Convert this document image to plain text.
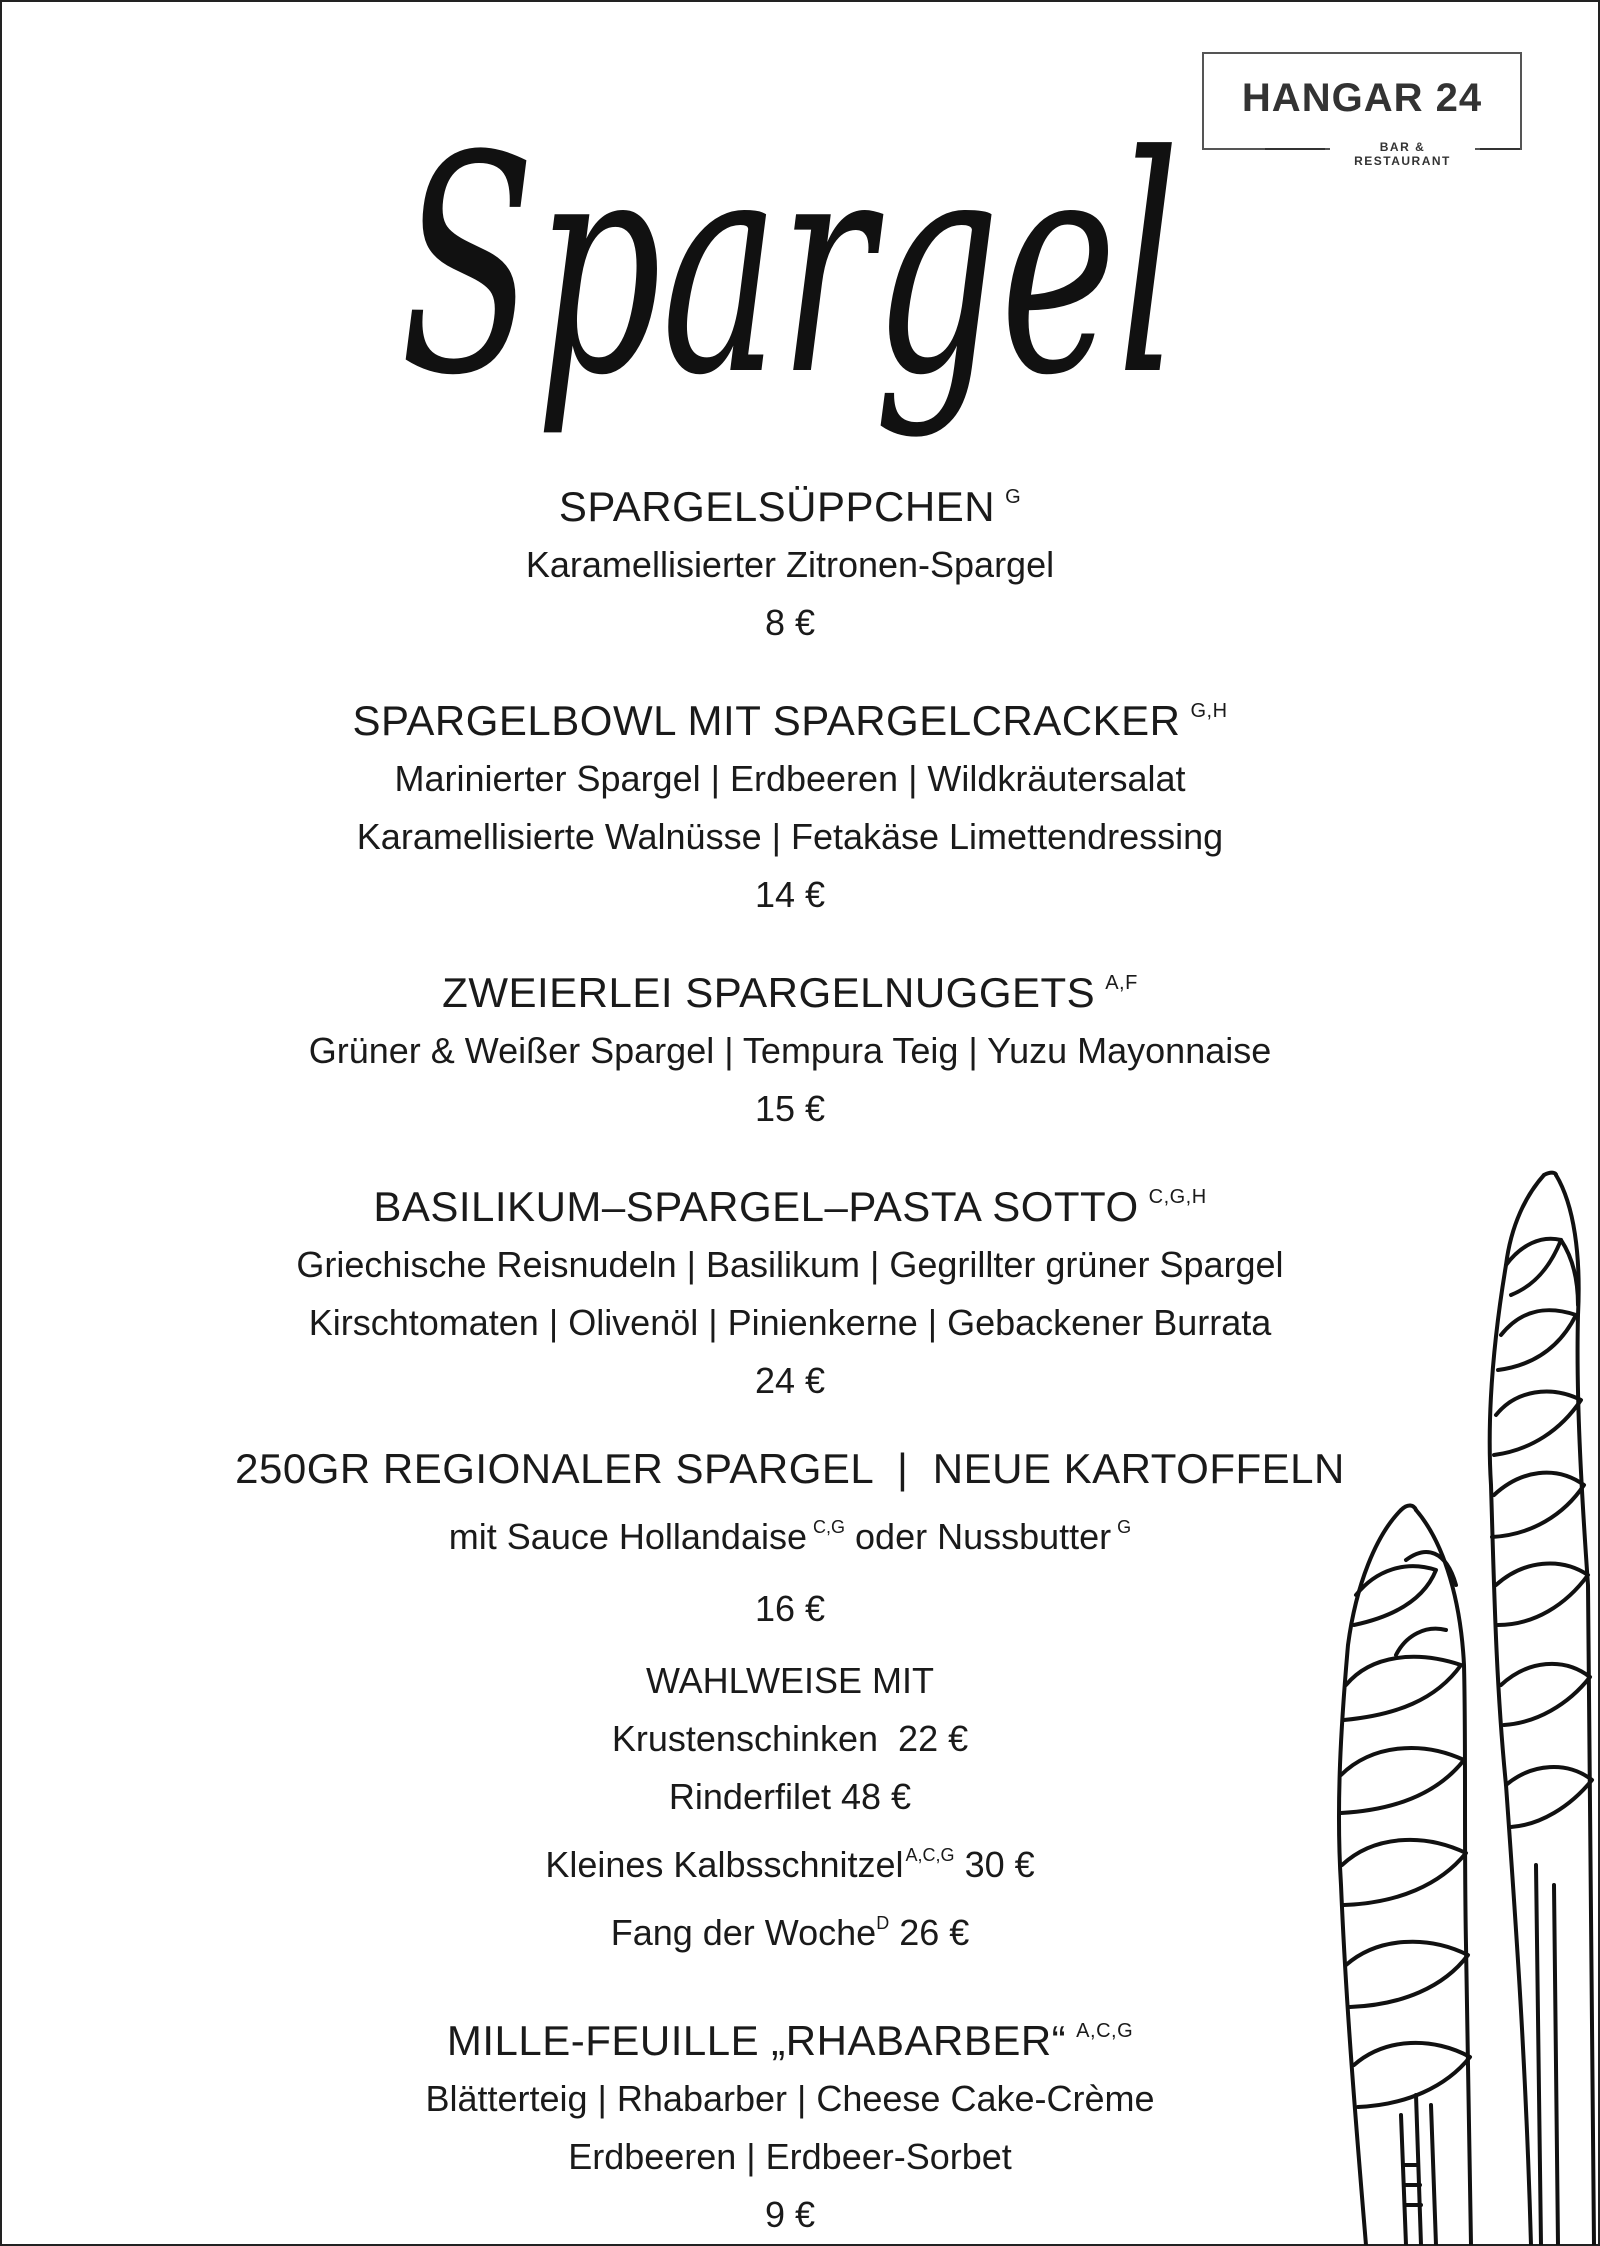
HANGAR 24
BAR & RESTAURANT
Spargel
SPARGELSÜPPCHEN $^G$
Karamellisierter Zitronen-Spargel
8 €
SPARGELBOWL MIT SPARGELCRACKER $^{G,H}$
Marinierter Spargel | Erdbeeren | Wildkräutersalat
Karamellisierte Walnüsse | Fetakäse Limettendressing
14 €
ZWEIERLEI SPARGELNUGGETS $^{A,F}$
Grüner & Weißer Spargel | Tempura Teig | Yuzu Mayonnaise
15 €
BASILIKUM–SPARGEL–PASTA SOTTO $^{C,G,H}$
Griechische Reisnudeln | Basilikum | Gegrillter grüner Spargel
Kirschtomaten | Olivenöl | Pinienkerne | Gebackener Burrata
24 €
250GR REGIONALER SPARGEL  |  NEUE KARTOFFELN
mit Sauce Hollandaise $^{C,G}$ oder Nussbutter $^G$
16 €
WAHLWEISE MIT
Krustenschinken 22 €
Rinderfilet 48 €
Kleines Kalbsschnitzel $^{A,C,G}$ 30 €
Fang der Woche$^D$ 26 €
MILLE-FEUILLE „RHABARBER“ $^{A,C,G}$
Blätterteig | Rhabarber | Cheese Cake-Crème
Erdbeeren | Erdbeer-Sorbet
9 €
